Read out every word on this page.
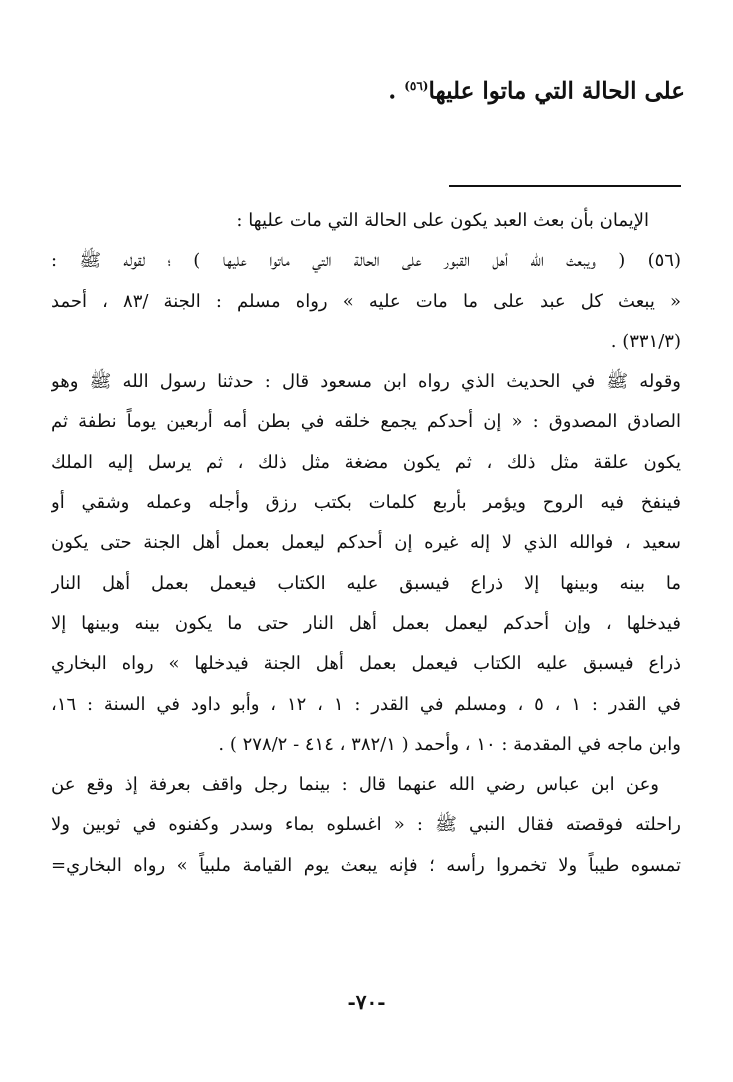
على الحالة التي ماتوا عليها$^{(٥٦)}$ .
الإيمان بأن بعث العبد يكون على الحالة التي مات عليها :
(٥٦) ( ويبعث الله أهل القبور على الحالة التي ماتوا عليها ) ؛ لقوله ﷺ :
« يبعث كل عبد على ما مات عليه » رواه مسلم : الجنة /٨٣ ، أحمد
(٣٣١/٣) .
وقوله ﷺ في الحديث الذي رواه ابن مسعود قال : حدثنا رسول الله ﷺ وهو
الصادق المصدوق : « إن أحدكم يجمع خلقه في بطن أمه أربعين يوماً نطفة ثم
يكون علقة مثل ذلك ، ثم يكون مضغة مثل ذلك ، ثم يرسل إليه الملك
فينفخ فيه الروح ويؤمر بأربع كلمات بكتب رزق وأجله وعمله وشقي أو
سعيد ، فوالله الذي لا إله غيره إن أحدكم ليعمل بعمل أهل الجنة حتى يكون
ما بينه وبينها إلا ذراع فيسبق عليه الكتاب فيعمل بعمل أهل النار
فيدخلها ، وإن أحدكم ليعمل بعمل أهل النار حتى ما يكون بينه وبينها إلا
ذراع فيسبق عليه الكتاب فيعمل بعمل أهل الجنة فيدخلها » رواه البخاري
في القدر : ١ ، ٥ ، ومسلم في القدر : ١ ، ١٢ ، وأبو داود في السنة : ١٦،
وابن ماجه في المقدمة : ١٠ ، وأحمد ( ٣٨٢/١ ، ٤١٤ - ٢٧٨/٢ ) .
وعن ابن عباس رضي الله عنهما قال : بينما رجل واقف بعرفة إذ وقع عن
راحلته فوقصته فقال النبي ﷺ : « اغسلوه بماء وسدر وكفنوه في ثوبين ولا
تمسوه طيباً ولا تخمروا رأسه ؛ فإنه يبعث يوم القيامة ملبياً » رواه البخاري=
-٧٠-
